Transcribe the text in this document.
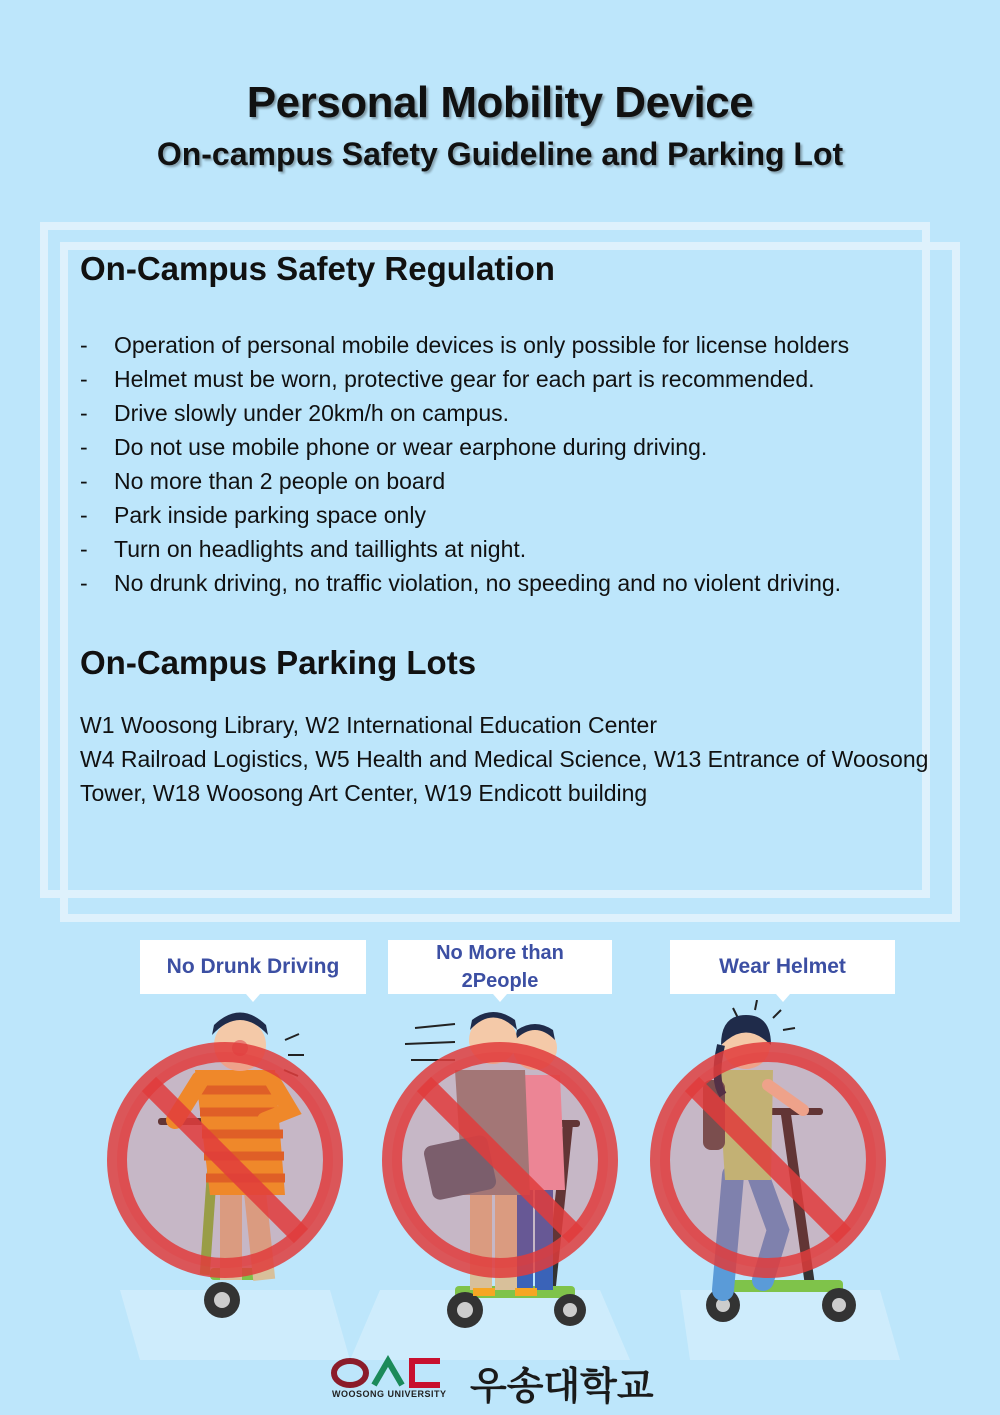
Personal Mobility Device
On-campus Safety Guideline and Parking Lot
On-Campus Safety Regulation
- Operation of personal mobile devices is only possible for license holders
- Helmet must be worn, protective gear for each part is recommended.
- Drive slowly under 20km/h on campus.
- Do not use mobile phone or wear earphone during driving.
- No more than 2 people on board
- Park inside parking space only
- Turn on headlights and taillights at night.
- No drunk driving, no traffic violation, no speeding and no violent driving.
On-Campus Parking Lots
W1 Woosong Library, W2 International Education Center
W4 Railroad Logistics, W5 Health and Medical Science, W13 Entrance of Woosong Tower, W18 Woosong Art Center, W19 Endicott building
No Drunk Driving
No More than 2People
Wear Helmet
WOOSONG UNIVERSITY 우송대학교
